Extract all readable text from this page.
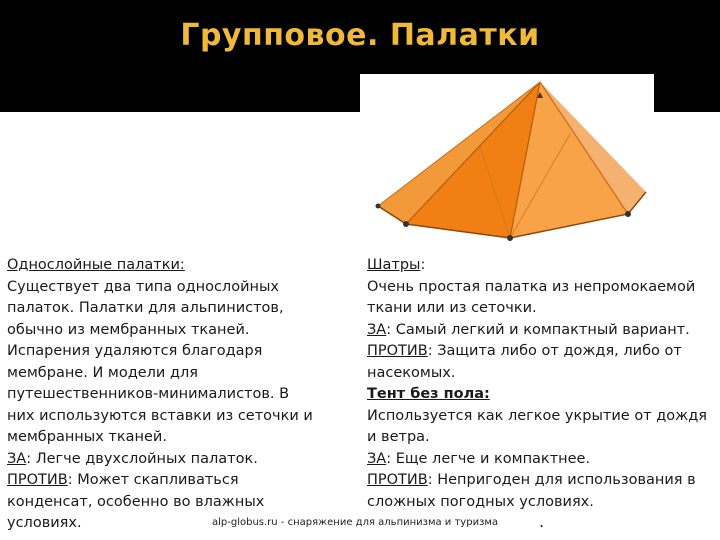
Групповое. Палатки
Однослойные палатки:
Существует два типа однослойных
палаток. Палатки для альпинистов,
обычно из мембранных тканей.
Испарения удаляются благодаря
мембране. И модели для
путешественников-минималистов. В
них используются вставки из сеточки и
мембранных тканей.
ЗА: Легче двухслойных палаток.
ПРОТИВ: Может скапливаться
конденсат, особенно во влажных
условиях.
Шатры:
Очень простая палатка из непромокаемой
ткани или из сеточки.
ЗА: Самый легкий и компактный вариант.
ПРОТИВ: Защита либо от дождя, либо от
насекомых.
Тент без пола:
Используется как легкое укрытие от дождя
и ветра.
ЗА: Еще легче и компактнее.
ПРОТИВ: Непригоден для использования в
сложных погодных условиях.
alp-globus.ru - снаряжение для альпинизма и туризма	.
